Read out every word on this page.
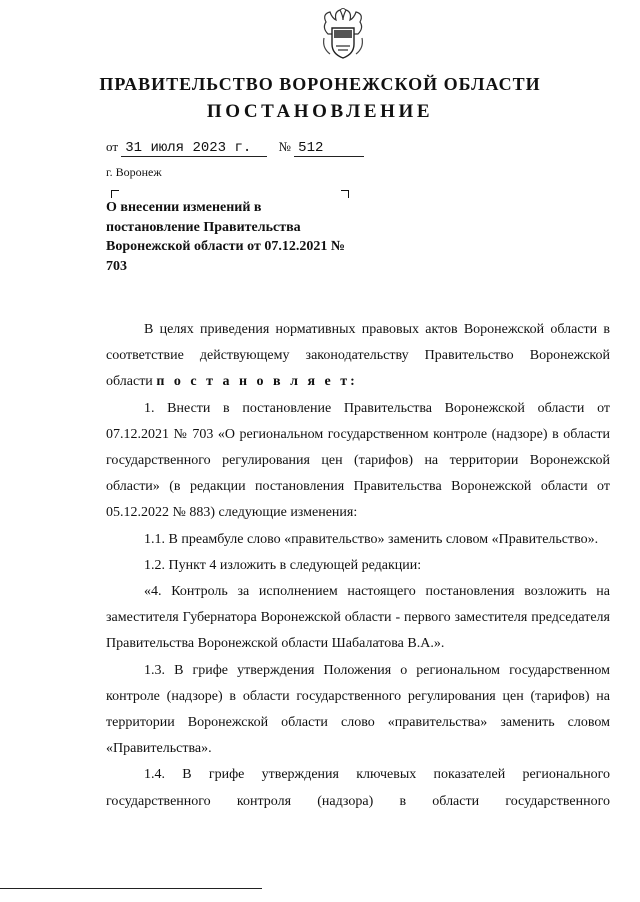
ПРАВИТЕЛЬСТВО ВОРОНЕЖСКОЙ ОБЛАСТИ
ПОСТАНОВЛЕНИЕ
от 31 июля 2023 г. № 512
г. Воронеж
О внесении изменений в постановление Правительства Воронежской области от 07.12.2021 № 703

В целях приведения нормативных правовых актов Воронежской области в соответствие действующему законодательству Правительство Воронежской области п о с т а н о в л я е т:

1. Внести в постановление Правительства Воронежской области от 07.12.2021 № 703 «О региональном государственном контроле (надзоре) в области государственного регулирования цен (тарифов) на территории Воронежской области» (в редакции постановления Правительства Воронежской области от 05.12.2022 № 883) следующие изменения:

1.1. В преамбуле слово «правительство» заменить словом «Правительство».

1.2. Пункт 4 изложить в следующей редакции:

«4. Контроль за исполнением настоящего постановления возложить на заместителя Губернатора Воронежской области - первого заместителя председателя Правительства Воронежской области Шабалатова В.А.».

1.3. В грифе утверждения Положения о региональном государственном контроле (надзоре) в области государственного регулирования цен (тарифов) на территории Воронежской области слово «правительства» заменить словом «Правительства».

1.4. В грифе утверждения ключевых показателей регионального государственного контроля (надзора) в области государственного
